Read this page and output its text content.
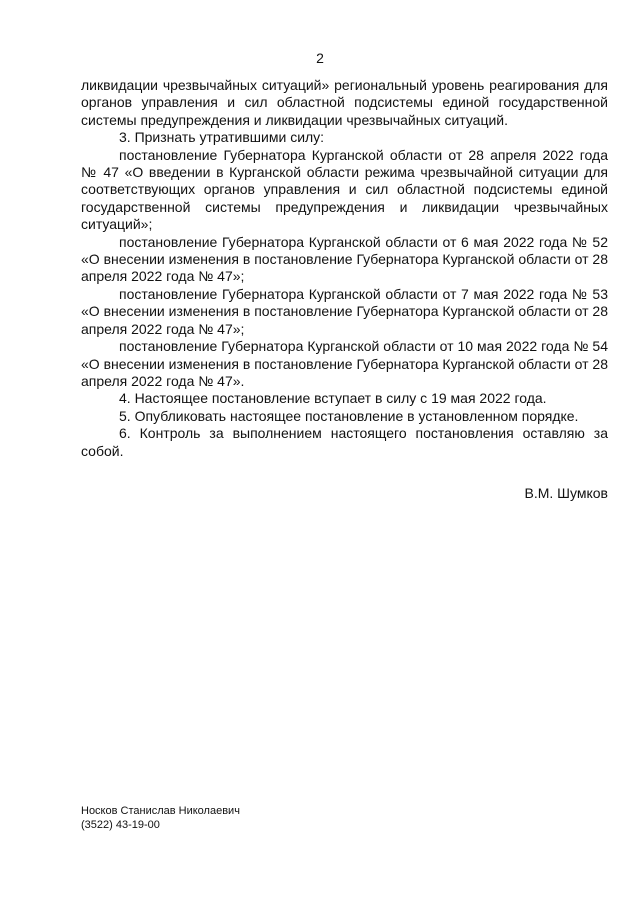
2

ликвидации чрезвычайных ситуаций» региональный уровень реагирования для органов управления и сил областной подсистемы единой государственной системы предупреждения и ликвидации чрезвычайных ситуаций.

3. Признать утратившими силу:

постановление Губернатора Курганской области от 28 апреля 2022 года № 47 «О введении в Курганской области режима чрезвычайной ситуации для соответствующих органов управления и сил областной подсистемы единой государственной системы предупреждения и ликвидации чрезвычайных ситуаций»;

постановление Губернатора Курганской области от 6 мая 2022 года № 52 «О внесении изменения в постановление Губернатора Курганской области от 28 апреля 2022 года № 47»;

постановление Губернатора Курганской области от 7 мая 2022 года № 53 «О внесении изменения в постановление Губернатора Курганской области от 28 апреля 2022 года № 47»;

постановление Губернатора Курганской области от 10 мая 2022 года № 54 «О внесении изменения в постановление Губернатора Курганской области от 28 апреля 2022 года № 47».

4. Настоящее постановление вступает в силу с 19 мая 2022 года.

5. Опубликовать настоящее постановление в установленном порядке.

6. Контроль за выполнением настоящего постановления оставляю за собой.

В.М. Шумков
Носков Станислав Николаевич
(3522) 43-19-00
